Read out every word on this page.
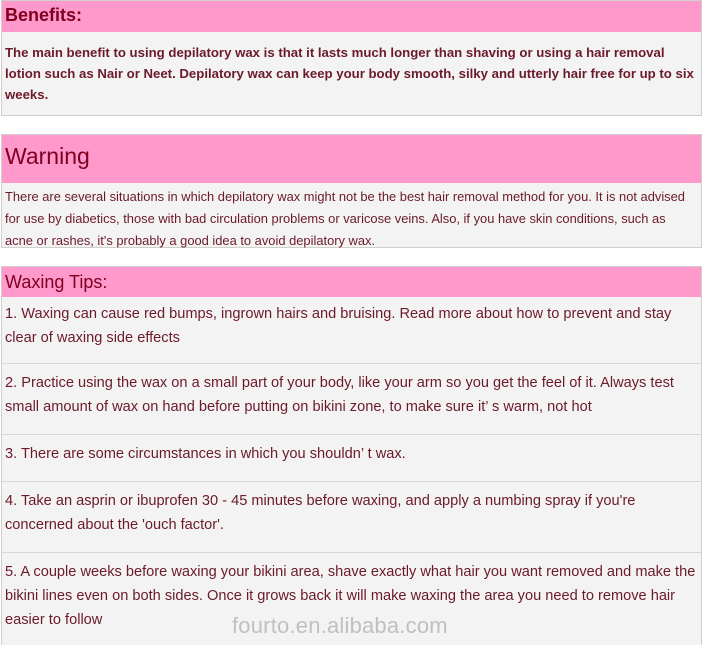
Benefits:
The main benefit to using depilatory wax is that it lasts much longer than shaving or using a hair removal lotion such as Nair or Neet. Depilatory wax can keep your body smooth, silky and utterly hair free for up to six weeks.
Warning
There are several situations in which depilatory wax might not be the best hair removal method for you. It is not advised for use by diabetics, those with bad circulation problems or varicose veins. Also, if you have skin conditions, such as acne or rashes, it's probably a good idea to avoid depilatory wax.
Waxing Tips:
1. Waxing can cause red bumps, ingrown hairs and bruising. Read more about how to prevent and stay clear of waxing side effects
2. Practice using the wax on a small part of your body, like your arm so you get the feel of it. Always test small amount of wax on hand before putting on bikini zone, to make sure it’ s warm, not hot
3. There are some circumstances in which you shouldn’ t wax.
4. Take an asprin or ibuprofen 30 - 45 minutes before waxing, and apply a numbing spray if you're concerned about the 'ouch factor'.
5. A couple weeks before waxing your bikini area, shave exactly what hair you want removed and make the bikini lines even on both sides. Once it grows back it will make waxing the area you need to remove hair easier to follow	fourto.en.alibaba.com
